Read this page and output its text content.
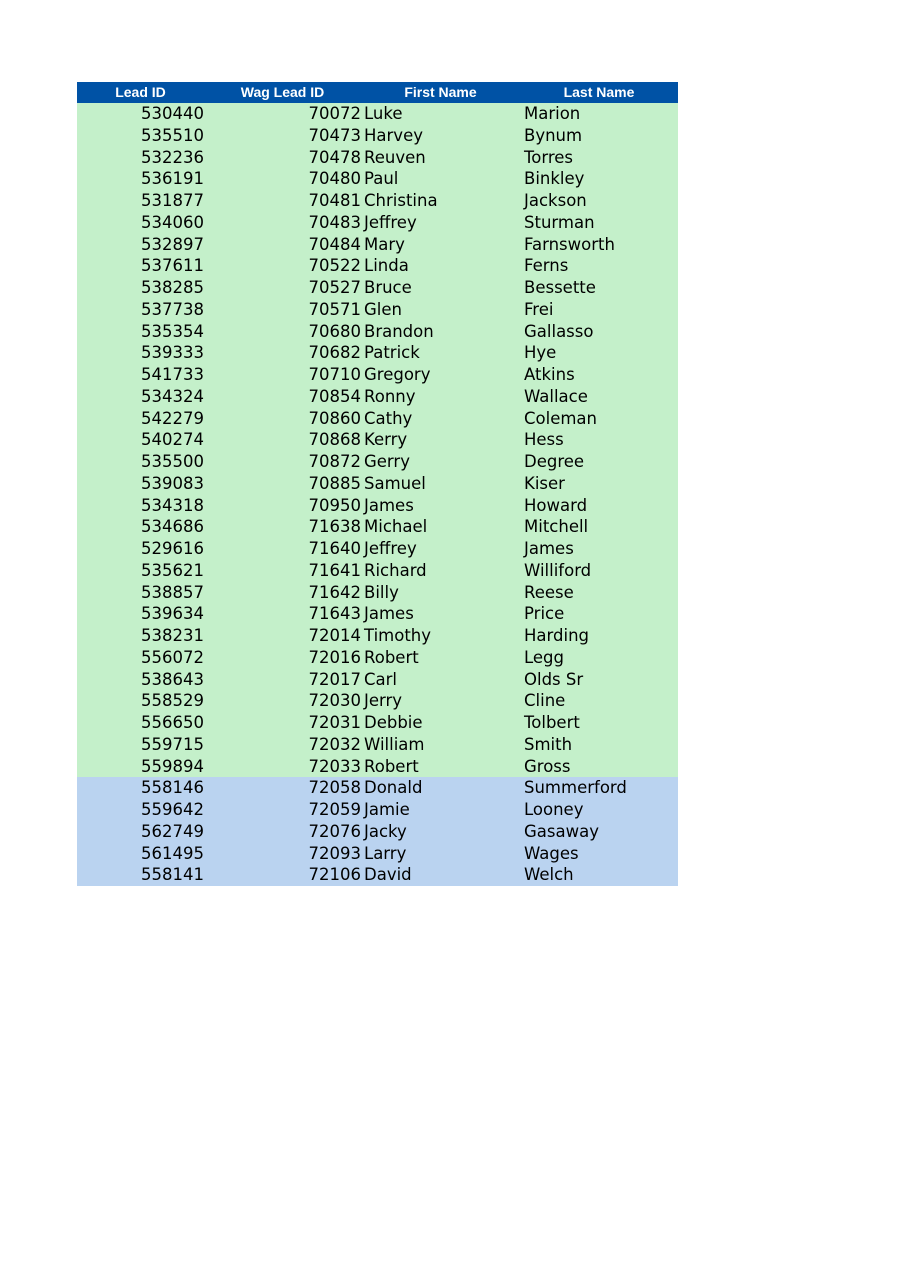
Lead ID	Wag Lead ID	First Name	Last Name
530440	70072 Luke	Marion
535510	70473 Harvey	Bynum
532236	70478 Reuven	Torres
536191	70480 Paul	Binkley
531877	70481 Christina	Jackson
534060	70483 Jeffrey	Sturman
532897	70484 Mary	Farnsworth
537611	70522 Linda	Ferns
538285	70527 Bruce	Bessette
537738	70571 Glen	Frei
535354	70680 Brandon	Gallasso
539333	70682 Patrick	Hye
541733	70710 Gregory	Atkins
534324	70854 Ronny	Wallace
542279	70860 Cathy	Coleman
540274	70868 Kerry	Hess
535500	70872 Gerry	Degree
539083	70885 Samuel	Kiser
534318	70950 James	Howard
534686	71638 Michael	Mitchell
529616	71640 Jeffrey	James
535621	71641 Richard	Williford
538857	71642 Billy	Reese
539634	71643 James	Price
538231	72014 Timothy	Harding
556072	72016 Robert	Legg
538643	72017 Carl	Olds Sr
558529	72030 Jerry	Cline
556650	72031 Debbie	Tolbert
559715	72032 William	Smith
559894	72033 Robert	Gross
558146	72058 Donald	Summerford
559642	72059 Jamie	Looney
562749	72076 Jacky	Gasaway
561495	72093 Larry	Wages
558141	72106 David	Welch
